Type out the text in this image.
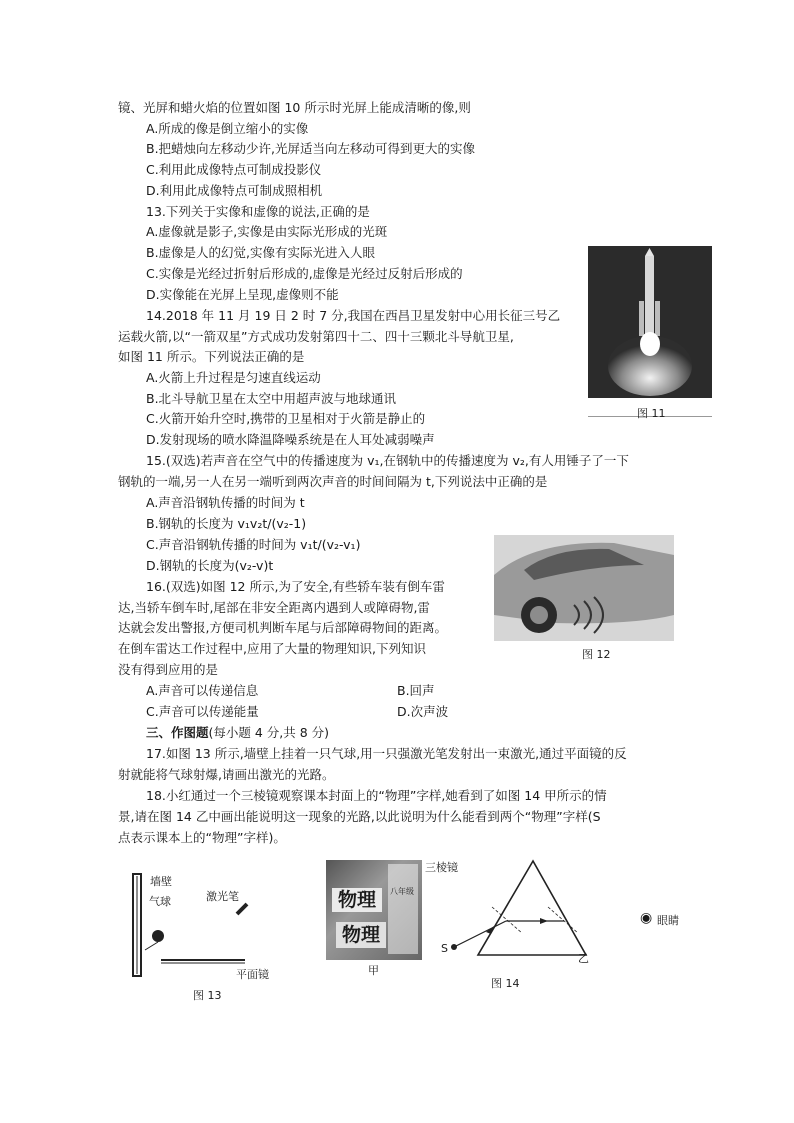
镜、光屏和蜡火焰的位置如图 10 所示时光屏上能成清晰的像,则
A.所成的像是倒立缩小的实像
B.把蜡烛向左移动少许,光屏适当向左移动可得到更大的实像
C.利用此成像特点可制成投影仪
D.利用此成像特点可制成照相机
13.下列关于实像和虚像的说法,正确的是
A.虚像就是影子,实像是由实际光形成的光斑
B.虚像是人的幻觉,实像有实际光进入人眼
C.实像是光经过折射后形成的,虚像是光经过反射后形成的
D.实像能在光屏上呈现,虚像则不能
14.2018 年 11 月 19 日 2 时 7 分,我国在西昌卫星发射中心用长征三号乙
运载火箭,以“一箭双星”方式成功发射第四十二、四十三颗北斗导航卫星,
如图 11 所示。下列说法正确的是
A.火箭上升过程是匀速直线运动
B.北斗导航卫星在太空中用超声波与地球通讯
C.火箭开始升空时,携带的卫星相对于火箭是静止的
D.发射现场的喷水降温降噪系统是在人耳处减弱噪声
图 11
15.(双选)若声音在空气中的传播速度为 v₁,在钢轨中的传播速度为 v₂,有人用锤子了一下
钢轨的一端,另一人在另一端听到两次声音的时间间隔为 t,下列说法中正确的是
A.声音沿钢轨传播的时间为 t
B.钢轨的长度为 v₁v₂t/(v₂-1)
C.声音沿钢轨传播的时间为 v₁t/(v₂-v₁)
D.钢轨的长度为(v₂-v)t
图 12
16.(双选)如图 12 所示,为了安全,有些轿车装有倒车雷
达,当轿车倒车时,尾部在非安全距离内遇到人或障碍物,雷
达就会发出警报,方便司机判断车尾与后部障碍物间的距离。
在倒车雷达工作过程中,应用了大量的物理知识,下列知识
没有得到应用的是
A.声音可以传递信息	B.回声
C.声音可以传递能量	D.次声波
三、作图题(每小题 4 分,共 8 分)
17.如图 13 所示,墙壁上挂着一只气球,用一只强激光笔发射出一束激光,通过平面镜的反
射就能将气球射爆,请画出激光的光路。
18.小红通过一个三棱镜观察课本封面上的“物理”字样,她看到了如图 14 甲所示的情
景,请在图 14 乙中画出能说明这一现象的光路,以此说明为什么能看到两个“物理”字样(S
点表示课本上的“物理”字样)。
墙壁
气球	激光笔
平面镜
图 13
物理
物理
八年级
三棱镜
甲
S
乙
图 14
◉ 眼睛
